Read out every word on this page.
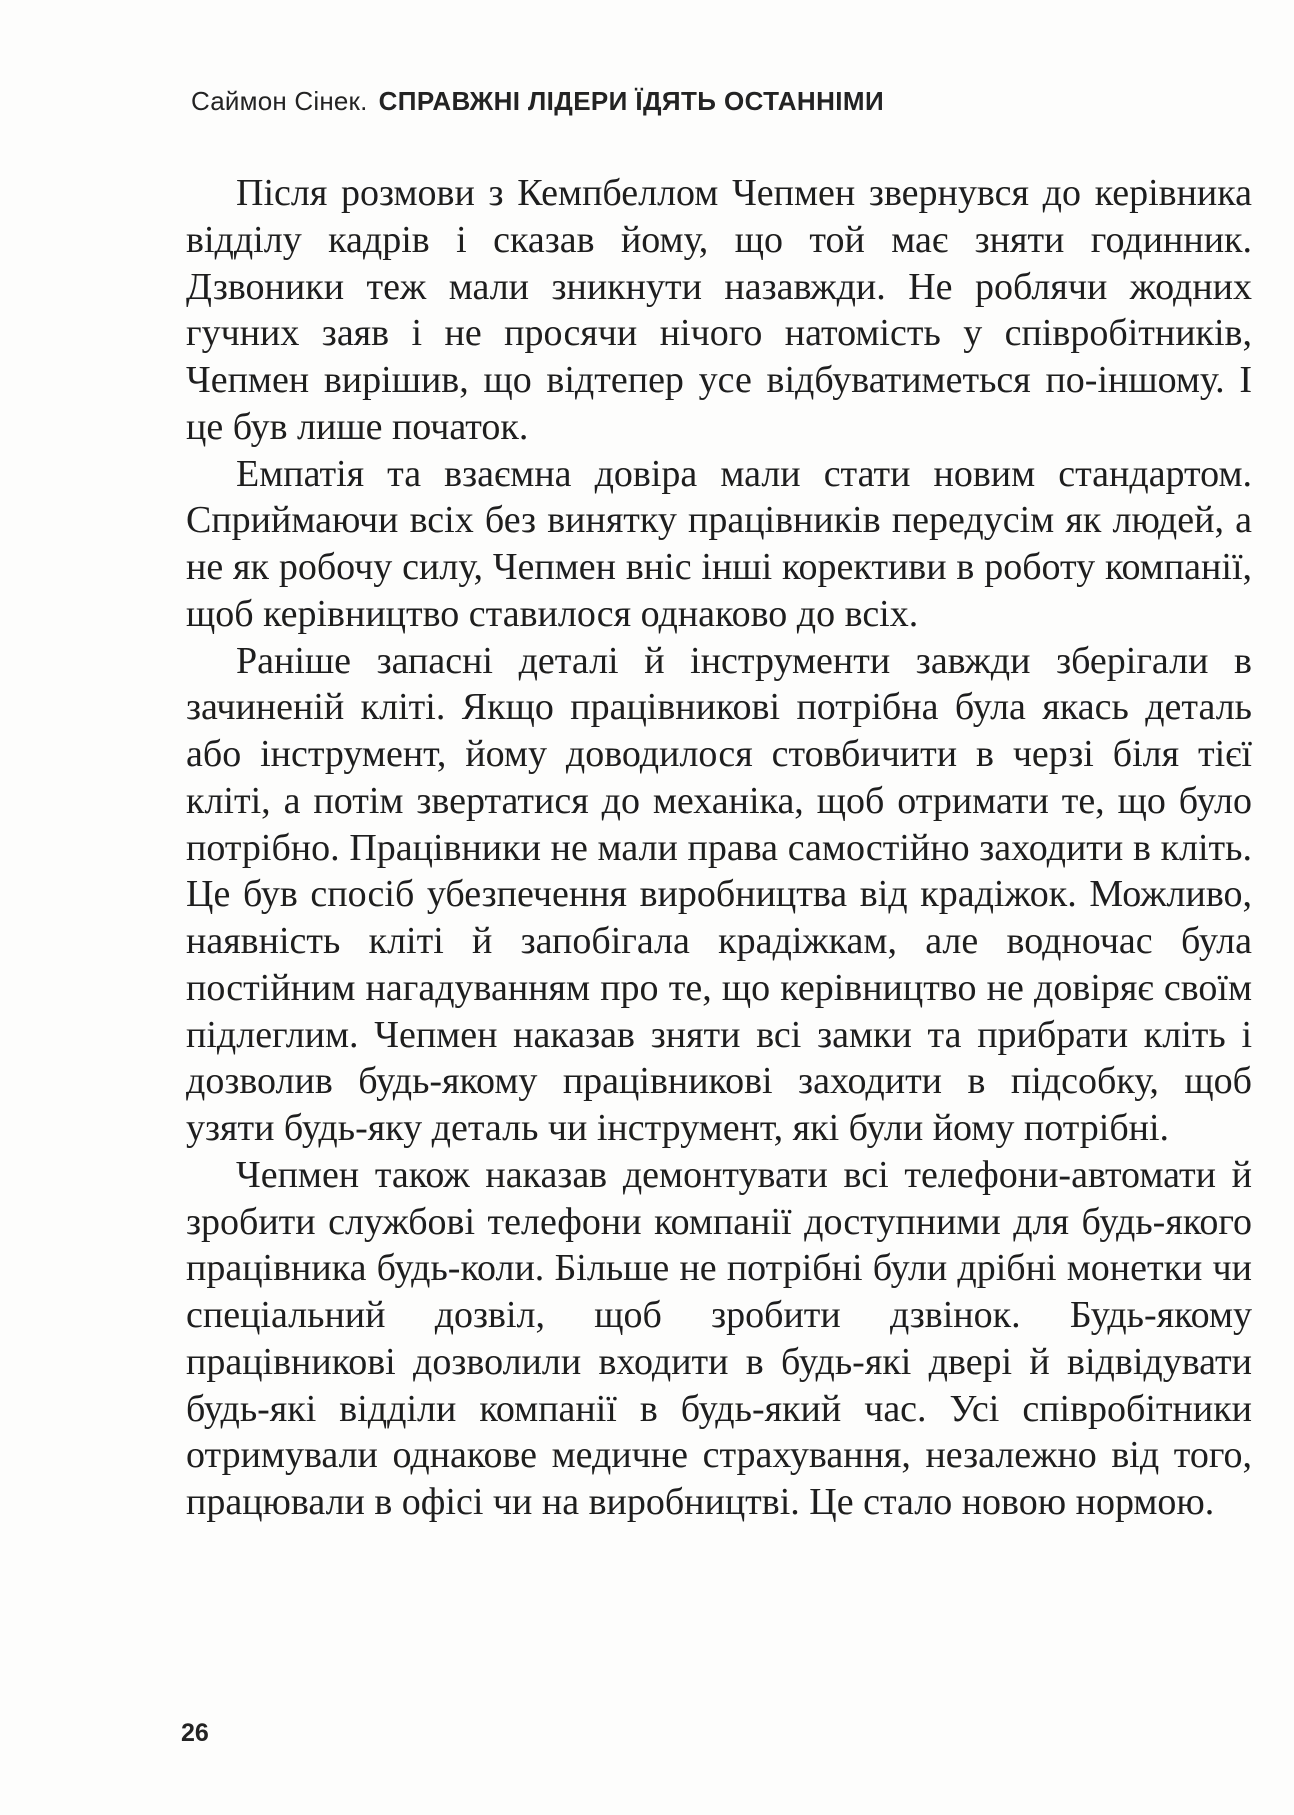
Саймон Сінек. СПРАВЖНІ ЛІДЕРИ ЇДЯТЬ ОСТАННІМИ

Після розмови з Кемпбеллом Чепмен звернувся до керівника відділу кадрів і сказав йому, що той має зняти годинник. Дзвоники теж мали зникнути назавжди. Не роблячи жодних гучних заяв і не просячи нічого натомість у співробітників, Чепмен вирішив, що відтепер усе відбуватиметься по-іншому. І це був лише початок.

Емпатія та взаємна довіра мали стати новим стандартом. Сприймаючи всіх без винятку працівників передусім як людей, а не як робочу силу, Чепмен вніс інші корективи в роботу компанії, щоб керівництво ставилося однаково до всіх.

Раніше запасні деталі й інструменти завжди зберігали в зачиненій кліті. Якщо працівникові потрібна була якась деталь або інструмент, йому доводилося стовбичити в черзі біля тієї кліті, а потім звертатися до механіка, щоб отримати те, що було потрібно. Працівники не мали права самостійно заходити в кліть. Це був спосіб убезпечення виробництва від крадіжок. Можливо, наявність кліті й запобігала крадіжкам, але водночас була постійним нагадуванням про те, що керівництво не довіряє своїм підлеглим. Чепмен наказав зняти всі замки та прибрати кліть і дозволив будь-якому працівникові заходити в підсобку, щоб узяти будь-яку деталь чи інструмент, які були йому потрібні.

Чепмен також наказав демонтувати всі телефони-автомати й зробити службові телефони компанії доступними для будь-якого працівника будь-коли. Більше не потрібні були дрібні монетки чи спеціальний дозвіл, щоб зробити дзвінок. Будь-якому працівникові дозволили входити в будь-які двері й відвідувати будь-які відділи компанії в будь-який час. Усі співробітники отримували однакове медичне страхування, незалежно від того, працювали в офісі чи на виробництві. Це стало новою нормою.

26
